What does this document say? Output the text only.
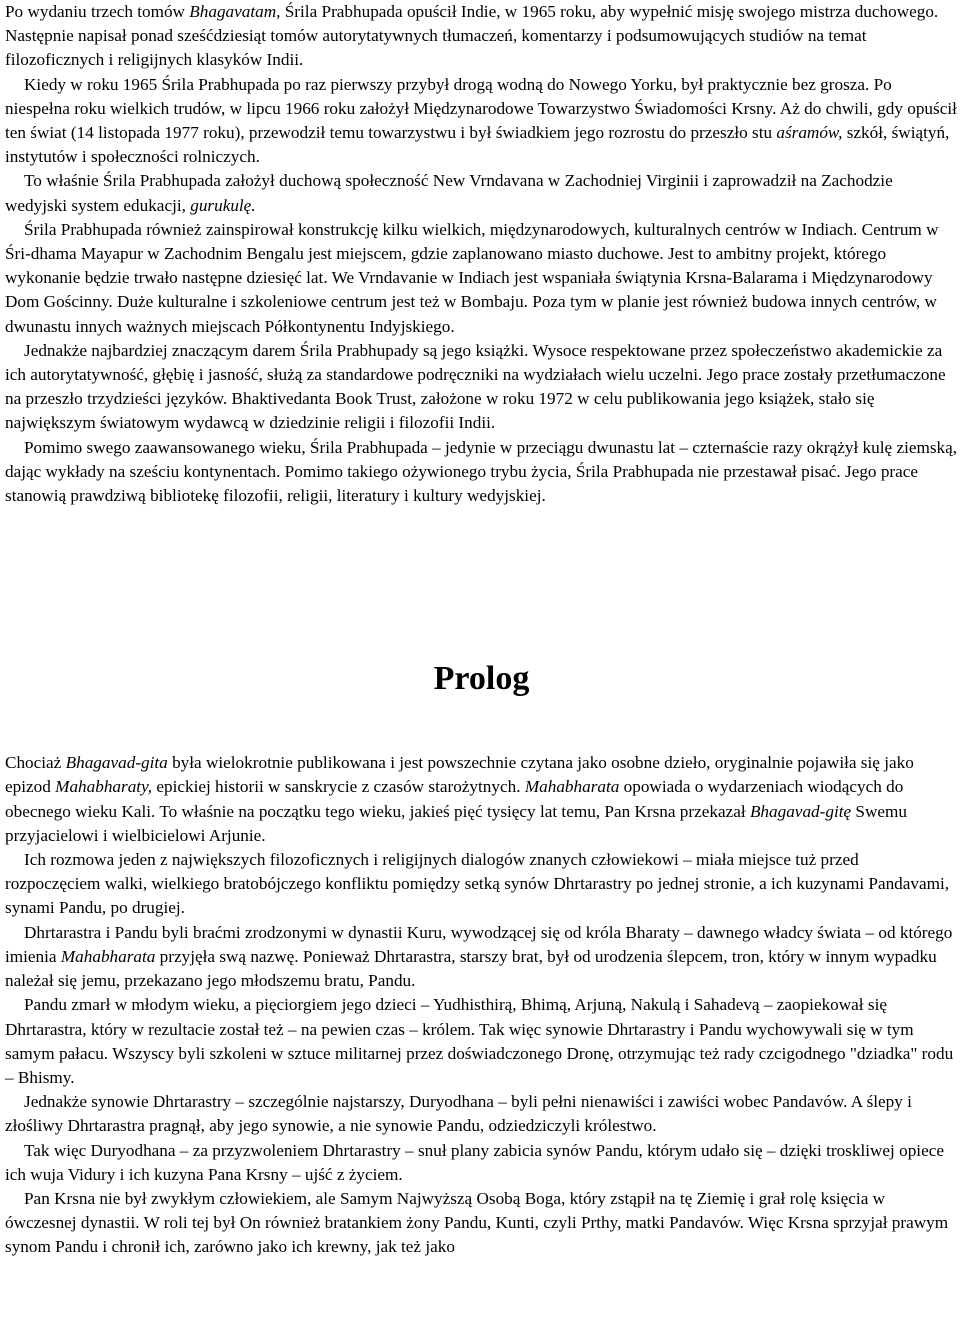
Po wydaniu trzech tomów Bhagavatam, Śrila Prabhupada opuścił Indie, w 1965 roku, aby wypełnić misję swojego mistrza duchowego. Następnie napisał ponad sześćdziesiąt tomów autorytatywnych tłumaczeń, komentarzy i podsumowujących studiów na temat filozoficznych i religijnych klasyków Indii.

Kiedy w roku 1965 Śrila Prabhupada po raz pierwszy przybył drogą wodną do Nowego Yorku, był praktycznie bez grosza. Po niespełna roku wielkich trudów, w lipcu 1966 roku założył Międzynarodowe Towarzystwo Świadomości Krsny. Aż do chwili, gdy opuścił ten świat (14 listopada 1977 roku), przewodził temu towarzystwu i był świadkiem jego rozrostu do przeszło stu aśramów, szkół, świątyń, instytutów i społeczności rolniczych.

To właśnie Śrila Prabhupada założył duchową społeczność New Vrndavana w Zachodniej Virginii i zaprowadził na Zachodzie wedyjski system edukacji, gurukulę.

Śrila Prabhupada również zainspirował konstrukcję kilku wielkich, międzynarodowych, kulturalnych centrów w Indiach. Centrum w Śri-dhama Mayapur w Zachodnim Bengalu jest miejscem, gdzie zaplanowano miasto duchowe. Jest to ambitny projekt, którego wykonanie będzie trwało następne dziesięć lat. We Vrndavanie w Indiach jest wspaniała świątynia Krsna-Balarama i Międzynarodowy Dom Gościnny. Duże kulturalne i szkoleniowe centrum jest też w Bombaju. Poza tym w planie jest również budowa innych centrów, w dwunastu innych ważnych miejscach Półkontynentu Indyjskiego.

Jednakże najbardziej znaczącym darem Śrila Prabhupady są jego książki. Wysoce respektowane przez społeczeństwo akademickie za ich autorytatywność, głębię i jasność, służą za standardowe podręczniki na wydziałach wielu uczelni. Jego prace zostały przetłumaczone na przeszło trzydzieści języków. Bhaktivedanta Book Trust, założone w roku 1972 w celu publikowania jego książek, stało się największym światowym wydawcą w dziedzinie religii i filozofii Indii.

Pomimo swego zaawansowanego wieku, Śrila Prabhupada – jedynie w przeciągu dwunastu lat – czternaście razy okrążył kulę ziemską, dając wykłady na sześciu kontynentach. Pomimo takiego ożywionego trybu życia, Śrila Prabhupada nie przestawał pisać. Jego prace stanowią prawdziwą bibliotekę filozofii, religii, literatury i kultury wedyjskiej.

Prolog

Chociaż Bhagavad-gita była wielokrotnie publikowana i jest powszechnie czytana jako osobne dzieło, oryginalnie pojawiła się jako epizod Mahabharaty, epickiej historii w sanskrycie z czasów starożytnych. Mahabharata opowiada o wydarzeniach wiodących do obecnego wieku Kali. To właśnie na początku tego wieku, jakieś pięć tysięcy lat temu, Pan Krsna przekazał Bhagavad-gitę Swemu przyjacielowi i wielbicielowi Arjunie.

Ich rozmowa jeden z największych filozoficznych i religijnych dialogów znanych człowiekowi – miała miejsce tuż przed rozpoczęciem walki, wielkiego bratobójczego konfliktu pomiędzy setką synów Dhrtarastry po jednej stronie, a ich kuzynami Pandavami, synami Pandu, po drugiej.

Dhrtarastra i Pandu byli braćmi zrodzonymi w dynastii Kuru, wywodzącej się od króla Bharaty – dawnego władcy świata – od którego imienia Mahabharata przyjęła swą nazwę. Ponieważ Dhrtarastra, starszy brat, był od urodzenia ślepcem, tron, który w innym wypadku należał się jemu, przekazano jego młodszemu bratu, Pandu.

Pandu zmarł w młodym wieku, a pięciorgiem jego dzieci – Yudhisthirą, Bhimą, Arjuną, Nakulą i Sahadevą – zaopiekował się Dhrtarastra, który w rezultacie został też – na pewien czas – królem. Tak więc synowie Dhrtarastry i Pandu wychowywali się w tym samym pałacu. Wszyscy byli szkoleni w sztuce militarnej przez doświadczonego Dronę, otrzymując też rady czcigodnego "dziadka" rodu – Bhismy.

Jednakże synowie Dhrtarastry – szczególnie najstarszy, Duryodhana – byli pełni nienawiści i zawiści wobec Pandavów. A ślepy i złośliwy Dhrtarastra pragnął, aby jego synowie, a nie synowie Pandu, odziedziczyli królestwo.

Tak więc Duryodhana – za przyzwoleniem Dhrtarastry – snuł plany zabicia synów Pandu, którym udało się – dzięki troskliwej opiece ich wuja Vidury i ich kuzyna Pana Krsny – ujść z życiem.

Pan Krsna nie był zwykłym człowiekiem, ale Samym Najwyższą Osobą Boga, który zstąpił na tę Ziemię i grał rolę księcia w ówczesnej dynastii. W roli tej był On również bratankiem żony Pandu, Kunti, czyli Prthy, matki Pandavów. Więc Krsna sprzyjał prawym synom Pandu i chronił ich, zarówno jako ich krewny, jak też jako
